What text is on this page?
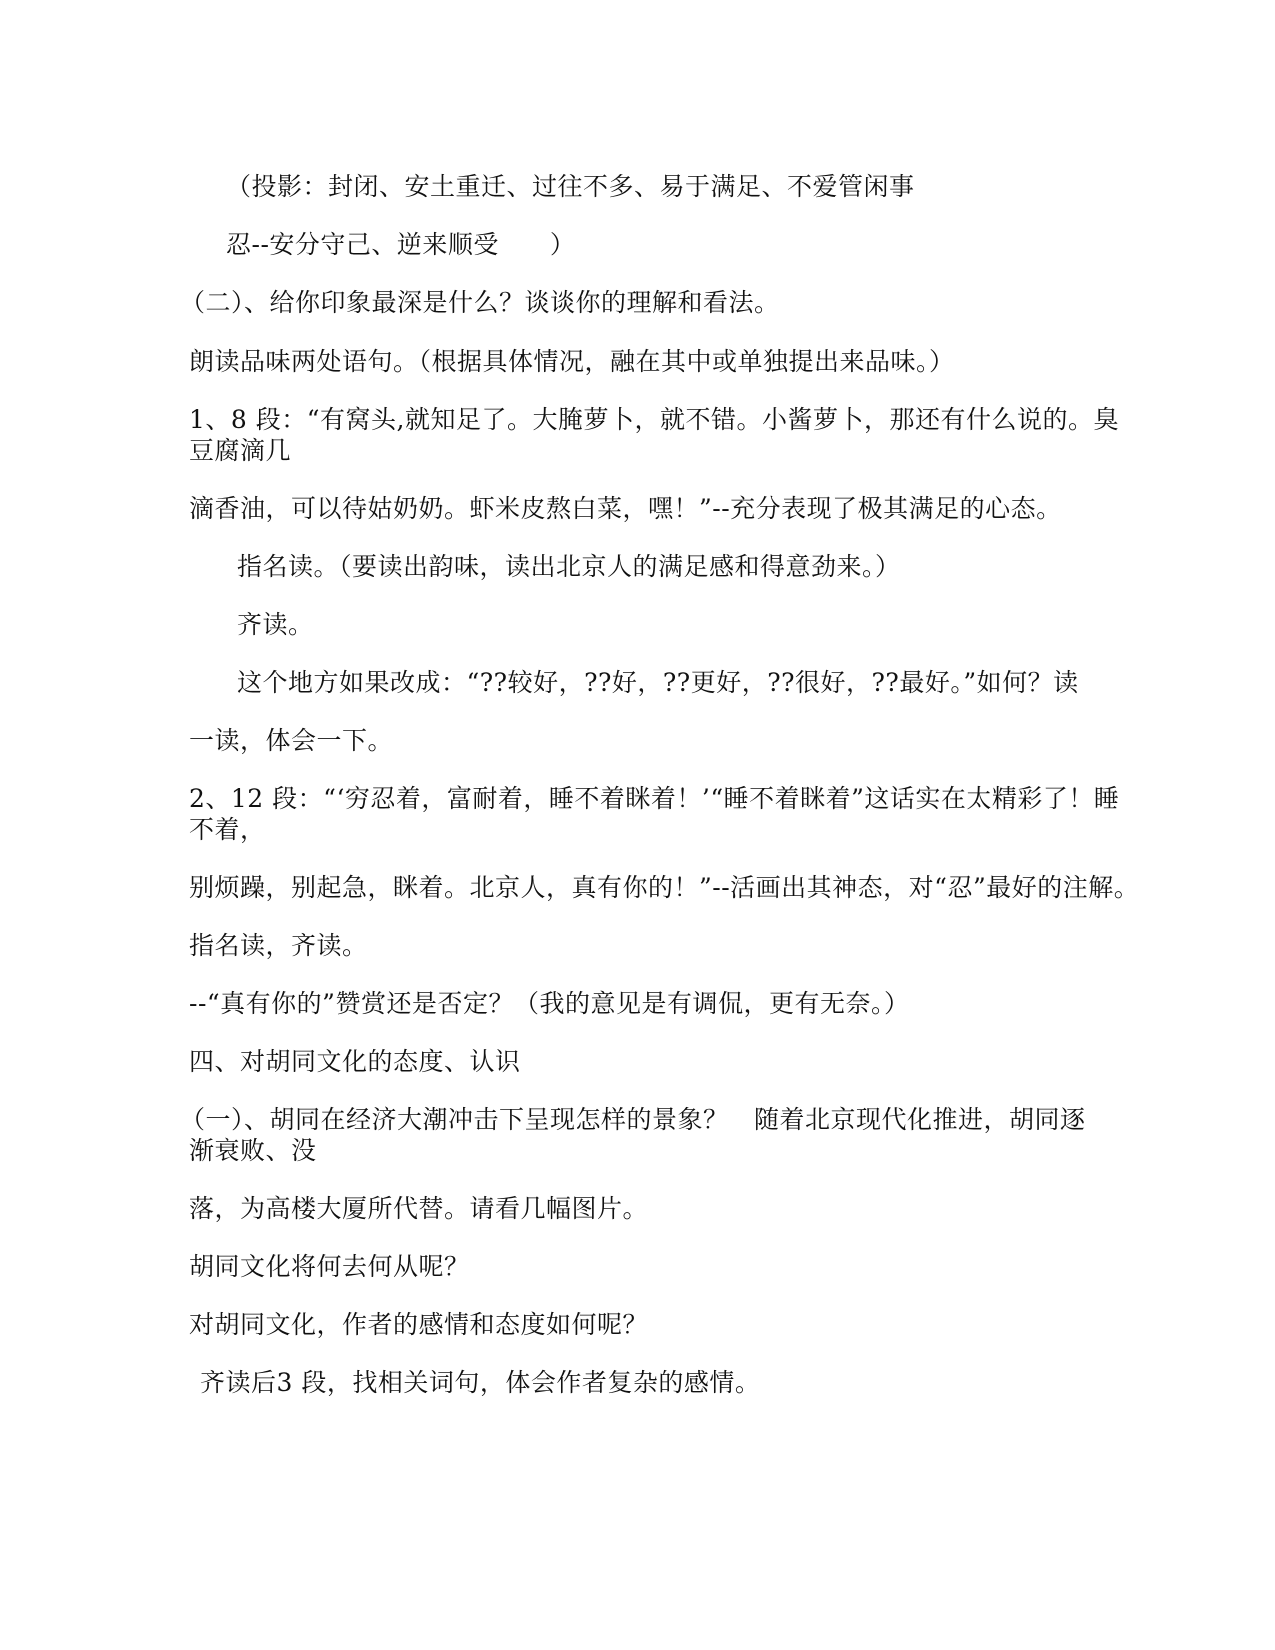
（投影：封闭、安土重迁、过往不多、易于满足、不爱管闲事
忍--安分守己、逆来顺受　　）
（二）、给你印象最深是什么？谈谈你的理解和看法。
朗读品味两处语句。（根据具体情况，融在其中或单独提出来品味。）
1、8 段：“有窝头,就知足了。大腌萝卜，就不错。小酱萝卜，那还有什么说的。臭
豆腐滴几
滴香油，可以待姑奶奶。虾米皮熬白菜，嘿！”--充分表现了极其满足的心态。
指名读。（要读出韵味，读出北京人的满足感和得意劲来。）
齐读。
这个地方如果改成：“??较好，??好，??更好，??很好，??最好。”如何？读
一读，体会一下。
2、12 段：“‘穷忍着，富耐着，睡不着眯着！’“睡不着眯着”这话实在太精彩了！睡
不着，
别烦躁，别起急，眯着。北京人，真有你的！”--活画出其神态，对“忍”最好的注解。
指名读，齐读。
--“真有你的”赞赏还是否定？（我的意见是有调侃，更有无奈。）
四、对胡同文化的态度、认识
（一）、胡同在经济大潮冲击下呈现怎样的景象？　随着北京现代化推进，胡同逐
渐衰败、没
落，为高楼大厦所代替。请看几幅图片。
胡同文化将何去何从呢？
对胡同文化，作者的感情和态度如何呢？
齐读后3 段，找相关词句，体会作者复杂的感情。
